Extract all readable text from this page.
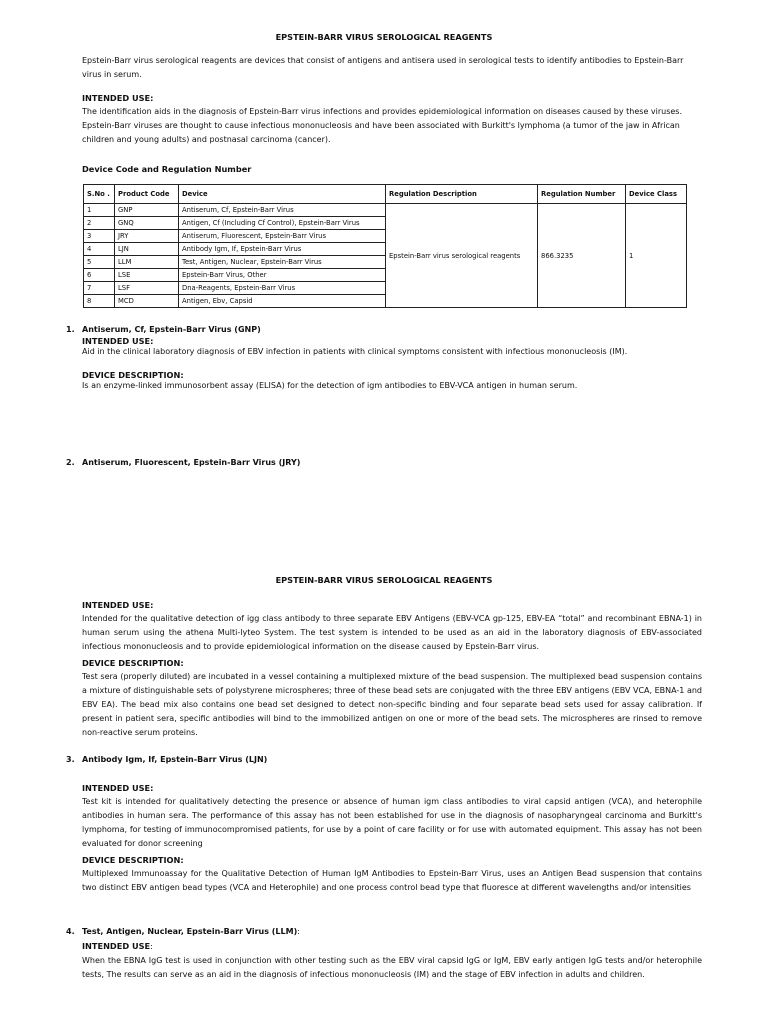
EPSTEIN-BARR VIRUS SEROLOGICAL REAGENTS
Epstein-Barr virus serological reagents are devices that consist of antigens and antisera used in serological tests to identify antibodies to Epstein-Barr virus in serum.
INTENDED USE:
The identification aids in the diagnosis of Epstein-Barr virus infections and provides epidemiological information on diseases caused by these viruses. Epstein-Barr viruses are thought to cause infectious mononucleosis and have been associated with Burkitt's lymphoma (a tumor of the jaw in African children and young adults) and postnasal carcinoma (cancer).
Device Code and Regulation Number
S.No .	Product Code	Device	Regulation Description	Regulation Number	Device Class
1	GNP	Antiserum, Cf, Epstein-Barr Virus	Epstein-Barr virus serological reagents	866.3235	1
2	GNQ	Antigen, Cf (Including Cf Control), Epstein-Barr Virus			
3	JRY	Antiserum, Fluorescent, Epstein-Barr Virus			
4	LJN	Antibody Igm, If, Epstein-Barr Virus			
5	LLM	Test, Antigen, Nuclear, Epstein-Barr Virus			
6	LSE	Epstein-Barr Virus, Other			
7	LSF	Dna-Reagents, Epstein-Barr Virus			
8	MCD	Antigen, Ebv, Capsid			
1. Antiserum, Cf, Epstein-Barr Virus (GNP)
INTENDED USE:
Aid in the clinical laboratory diagnosis of EBV infection in patients with clinical symptoms consistent with infectious mononucleosis (IM).
DEVICE DESCRIPTION:
Is an enzyme-linked immunosorbent assay (ELISA) for the detection of igm antibodies to EBV-VCA antigen in human serum.
2. Antiserum, Fluorescent, Epstein-Barr Virus (JRY)
EPSTEIN-BARR VIRUS SEROLOGICAL REAGENTS
INTENDED USE:
Intended for the qualitative detection of igg class antibody to three separate EBV Antigens (EBV-VCA gp-125, EBV-EA “total” and recombinant EBNA-1) in human serum using the athena Multi-lyteo System. The test system is intended to be used as an aid in the laboratory diagnosis of EBV-associated infectious mononucleosis and to provide epidemiological information on the disease caused by Epstein-Barr virus.
DEVICE DESCRIPTION:
Test sera (properly diluted) are incubated in a vessel containing a multiplexed mixture of the bead suspension. The multiplexed bead suspension contains a mixture of distinguishable sets of polystyrene microspheres; three of these bead sets are conjugated with the three EBV antigens (EBV VCA, EBNA-1 and EBV EA). The bead mix also contains one bead set designed to detect non-specific binding and four separate bead sets used for assay calibration. If present in patient sera, specific antibodies will bind to the immobilized antigen on one or more of the bead sets. The microspheres are rinsed to remove non-reactive serum proteins.
3. Antibody Igm, If, Epstein-Barr Virus (LJN)
INTENDED USE:
Test kit is intended for qualitatively detecting the presence or absence of human igm class antibodies to viral capsid antigen (VCA), and heterophile antibodies in human sera. The performance of this assay has not been established for use in the diagnosis of nasopharyngeal carcinoma and Burkitt's lymphoma, for testing of immunocompromised patients, for use by a point of care facility or for use with automated equipment. This assay has not been evaluated for donor screening
DEVICE DESCRIPTION:
Multiplexed Immunoassay for the Qualitative Detection of Human IgM Antibodies to Epstein-Barr Virus, uses an Antigen Bead suspension that contains two distinct EBV antigen bead types (VCA and Heterophile) and one process control bead type that fluoresce at different wavelengths and/or intensities
4. Test, Antigen, Nuclear, Epstein-Barr Virus (LLM):
INTENDED USE:
When the EBNA IgG test is used in conjunction with other testing such as the EBV viral capsid IgG or IgM, EBV early antigen IgG tests and/or heterophile tests, The results can serve as an aid in the diagnosis of infectious mononucleosis (IM) and the stage of EBV infection in adults and children.
